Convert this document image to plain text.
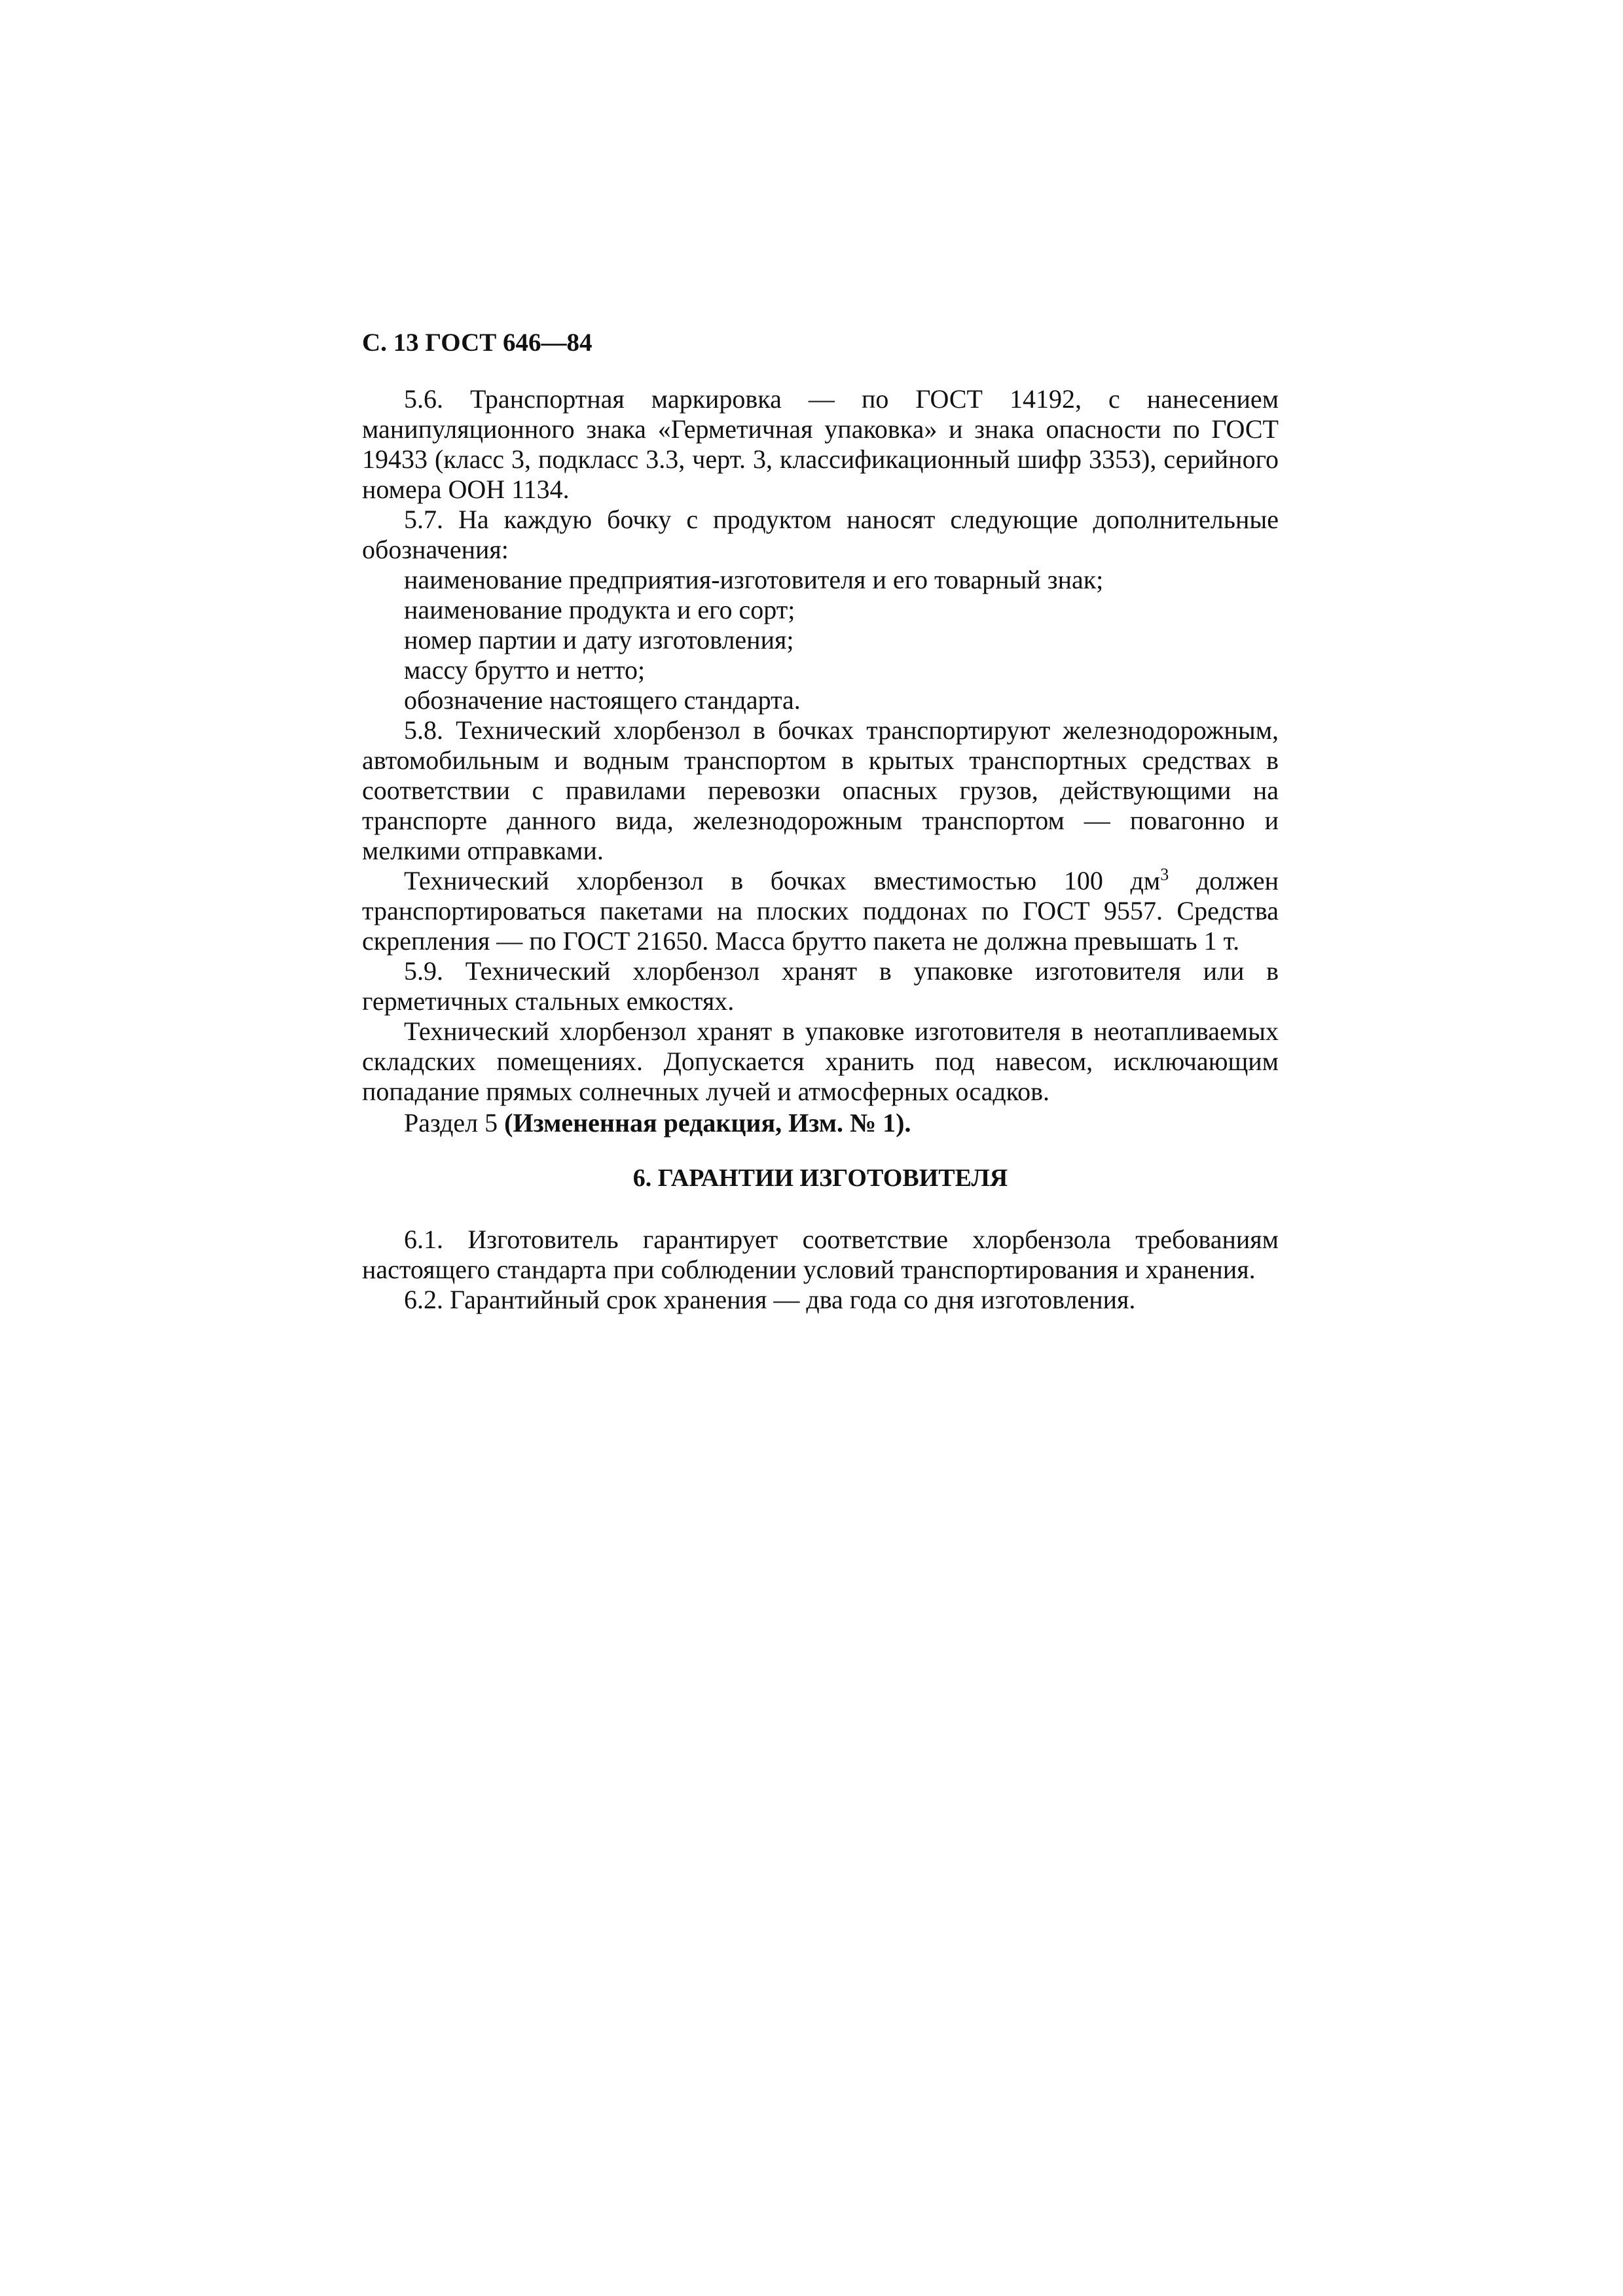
С. 13 ГОСТ 646—84

5.6. Транспортная маркировка — по ГОСТ 14192, с нанесением манипуляционного знака «Герметичная упаковка» и знака опасности по ГОСТ 19433 (класс 3, подкласс 3.3, черт. 3, классификационный шифр 3353), серийного номера ООН 1134.

5.7. На каждую бочку с продуктом наносят следующие дополнительные обозначения:

наименование предприятия-изготовителя и его товарный знак;

наименование продукта и его сорт;

номер партии и дату изготовления;

массу брутто и нетто;

обозначение настоящего стандарта.

5.8. Технический хлорбензол в бочках транспортируют железнодорожным, автомобильным и водным транспортом в крытых транспортных средствах в соответствии с правилами перевозки опасных грузов, действующими на транспорте данного вида, железнодорожным транспортом — повагонно и мелкими отправками.

Технический хлорбензол в бочках вместимостью 100 $дм^3$ должен транспортироваться пакетами на плоских поддонах по ГОСТ 9557. Средства скрепления — по ГОСТ 21650. Масса брутто пакета не должна превышать 1 т.

5.9. Технический хлорбензол хранят в упаковке изготовителя или в герметичных стальных емкостях.

Технический хлорбензол хранят в упаковке изготовителя в неотапливаемых складских помещениях. Допускается хранить под навесом, исключающим попадание прямых солнечных лучей и атмосферных осадков.

Раздел 5 (Измененная редакция, Изм. № 1).

6. ГАРАНТИИ ИЗГОТОВИТЕЛЯ

6.1. Изготовитель гарантирует соответствие хлорбензола требованиям настоящего стандарта при соблюдении условий транспортирования и хранения.

6.2. Гарантийный срок хранения — два года со дня изготовления.
